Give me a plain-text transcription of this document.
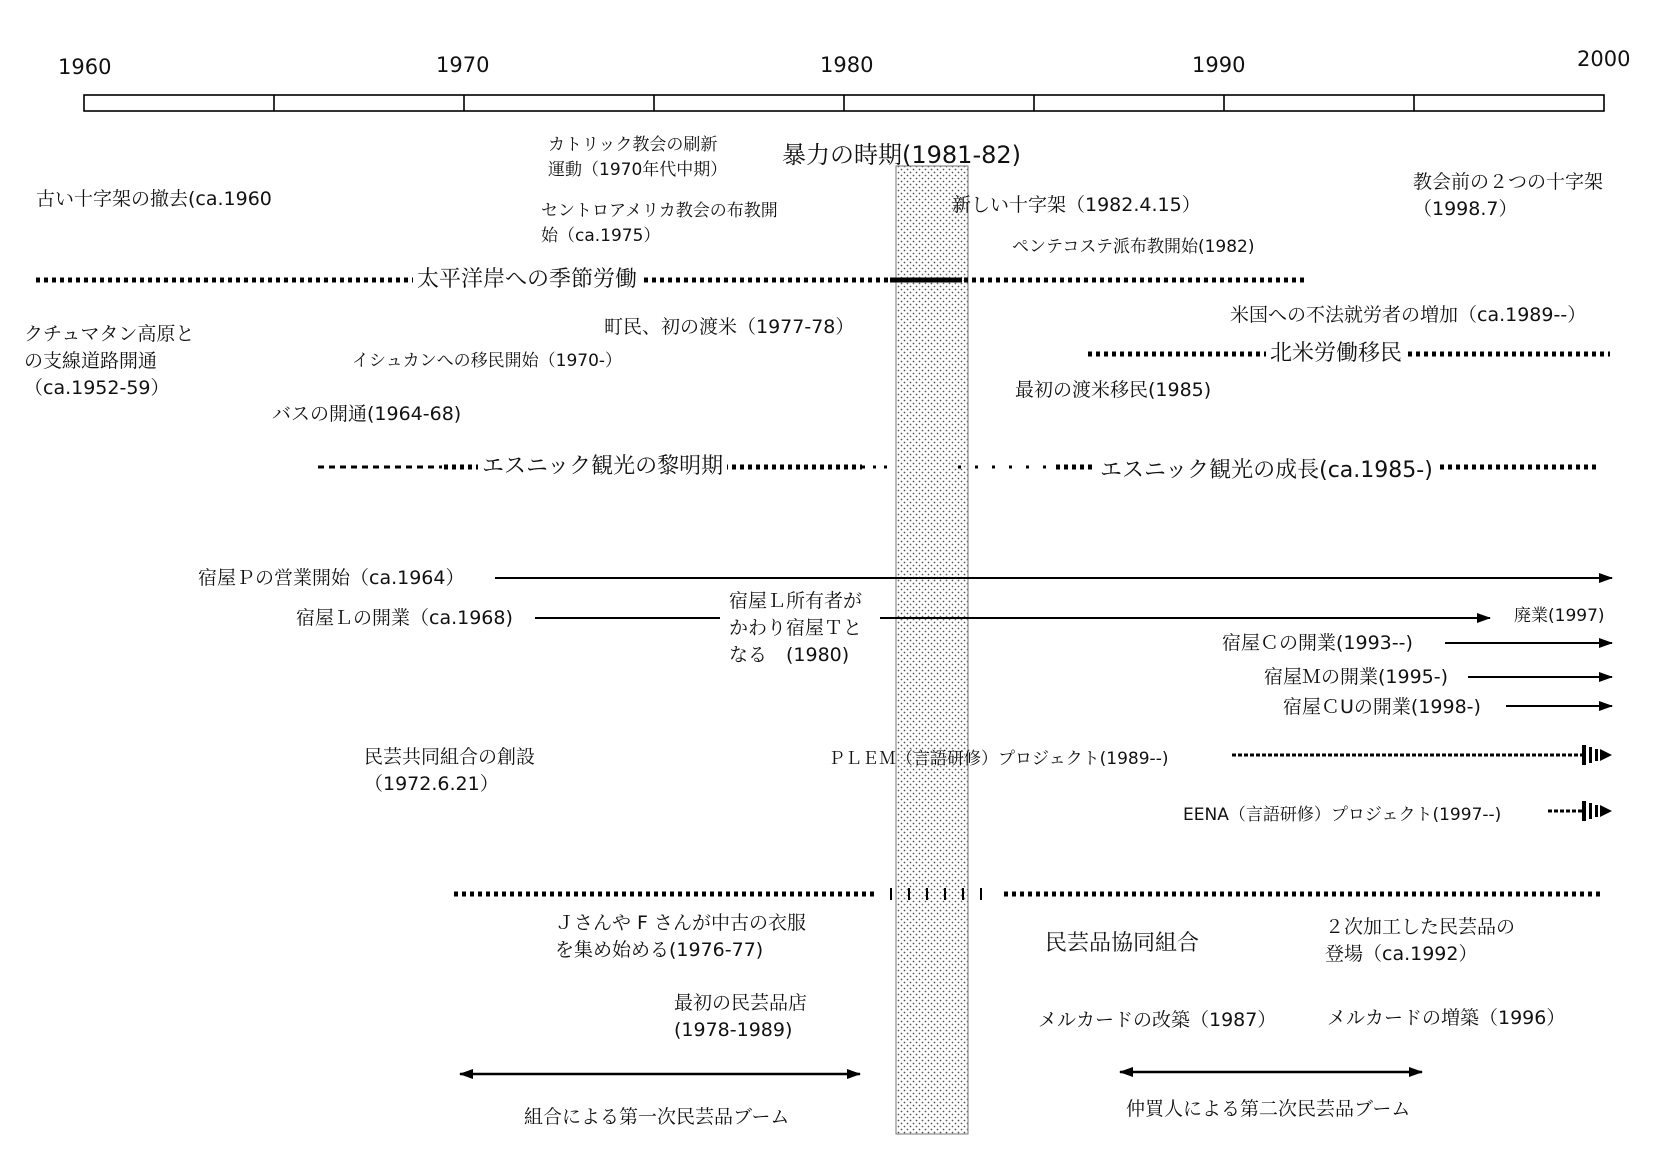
1960	1970	1980	1990	2000
暴力の時期(1981-82)
古い十字架の撤去(ca.1960
カトリック教会の刷新
運動（1970年代中期）
セントロアメリカ教会の布教開
始（ca.1975）
新しい十字架（1982.4.15）
ペンテコステ派布教開始(1982)
教会前の２つの十字架
（1998.7）
太平洋岸への季節労働
クチュマタン高原と
の支線道路開通
（ca.1952-59）
イシュカンへの移民開始（1970-）
町民、初の渡米（1977-78）
バスの開通(1964-68)
米国への不法就労者の増加（ca.1989--）
北米労働移民
最初の渡米移民(1985)
エスニック観光の黎明期	エスニック観光の成長(ca.1985-)
宿屋Ｐの営業開始（ca.1964）
宿屋Ｌの開業（ca.1968)
宿屋Ｌ所有者が
かわり宿屋Ｔと
なる　(1980)
廃業(1997)
宿屋Ｃの開業(1993--)
宿屋Ｍの開業(1995-)
宿屋ＣUの開業(1998-)
民芸共同組合の創設
（1972.6.21）
ＰＬＥＭ（言語研修）プロジェクト(1989--)
EENA（言語研修）プロジェクト(1997--)
Ｊさんや F さんが中古の衣服
を集め始める(1976-77)	民芸品協同組合
２次加工した民芸品の
登場（ca.1992）
最初の民芸品店
(1978-1989)	メルカードの改築（1987）	メルカードの増築（1996）
組合による第一次民芸品ブーム	仲買人による第二次民芸品ブーム
